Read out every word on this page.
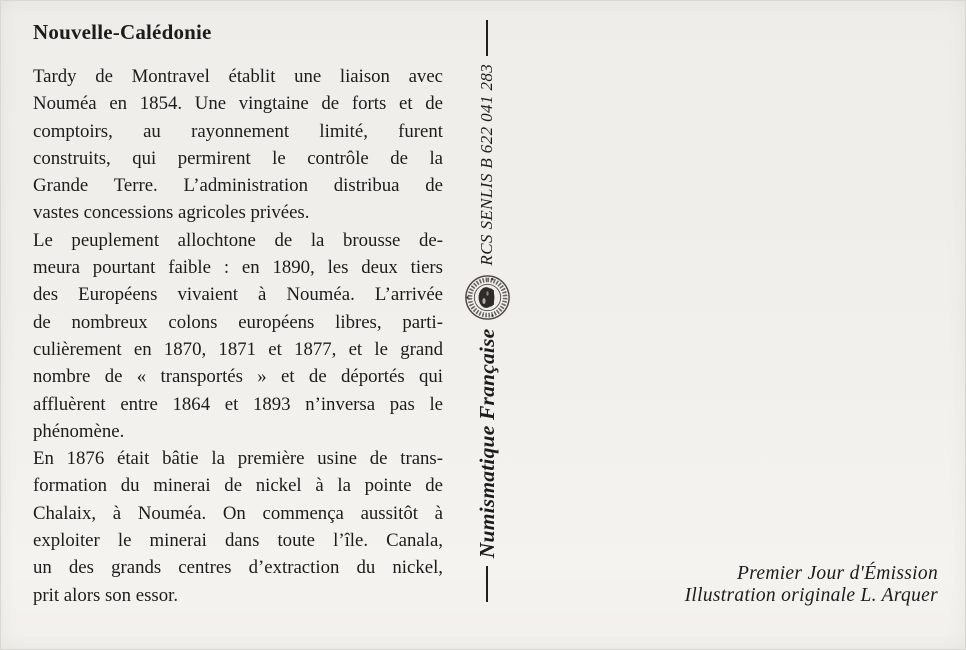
Nouvelle-Calédonie
Tardy de Montravel établit une liaison avec
Nouméa en 1854. Une vingtaine de forts et de
comptoirs, au rayonnement limité, furent
construits, qui permirent le contrôle de la
Grande Terre. L’administration distribua de
vastes concessions agricoles privées.
Le peuplement allochtone de la brousse de-
meura pourtant faible : en 1890, les deux tiers
des Européens vivaient à Nouméa. L’arrivée
de nombreux colons européens libres, parti-
culièrement en 1870, 1871 et 1877, et le grand
nombre de « transportés » et de déportés qui
affluèrent entre 1864 et 1893 n’inversa pas le
phénomène.
En 1876 était bâtie la première usine de trans-
formation du minerai de nickel à la pointe de
Chalaix, à Nouméa. On commença aussitôt à
exploiter le minerai dans toute l’île. Canala,
un des grands centres d’extraction du nickel,
prit alors son essor.
Numismatique Française
RCS SENLIS B 622 041 283
Premier Jour d'Émission
Illustration originale L. Arquer
